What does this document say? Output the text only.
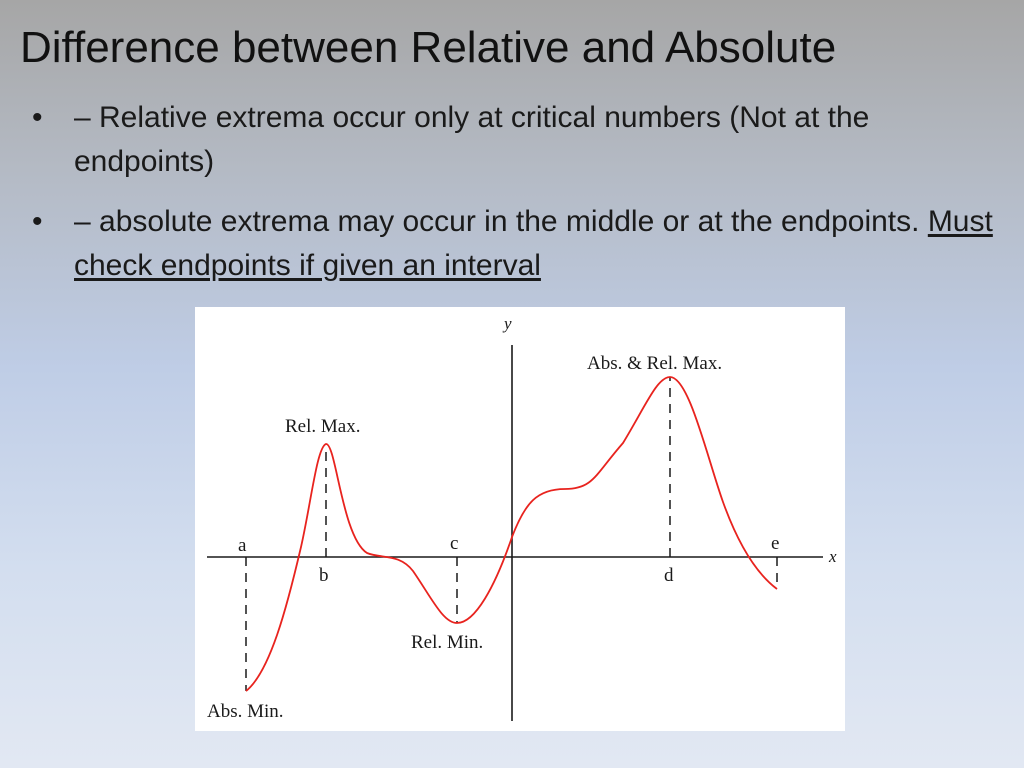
Difference between Relative and Absolute
•	– Relative extrema occur only at critical numbers (Not at the endpoints)
•	– absolute extrema may occur in the middle or at the endpoints. Must check endpoints if given an interval
x
y
a
b
c
d
e
Abs. Min.
Rel. Max.
Rel. Min.
Abs. & Rel. Max.
